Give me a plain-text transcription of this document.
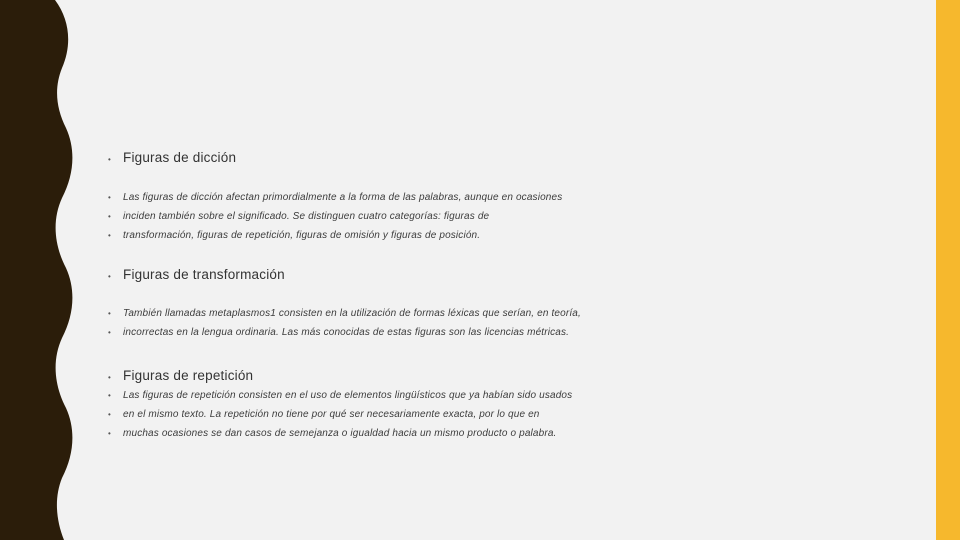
• Figuras de dicción
•	Las figuras de dicción afectan primordialmente a la forma de las palabras, aunque en ocasiones
•	inciden también sobre el significado. Se distinguen cuatro categorías: figuras de
•	transformación, figuras de repetición, figuras de omisión y figuras de posición.
• Figuras de transformación
•	También llamadas metaplasmos1 consisten en la utilización de formas léxicas que serían, en teoría,
•	incorrectas en la lengua ordinaria. Las más conocidas de estas figuras son las licencias métricas.
• Figuras de repetición
•	Las figuras de repetición consisten en el uso de elementos lingüísticos que ya habían sido usados
•	en el mismo texto. La repetición no tiene por qué ser necesariamente exacta, por lo que en
•	muchas ocasiones se dan casos de semejanza o igualdad hacia un mismo producto o palabra.
